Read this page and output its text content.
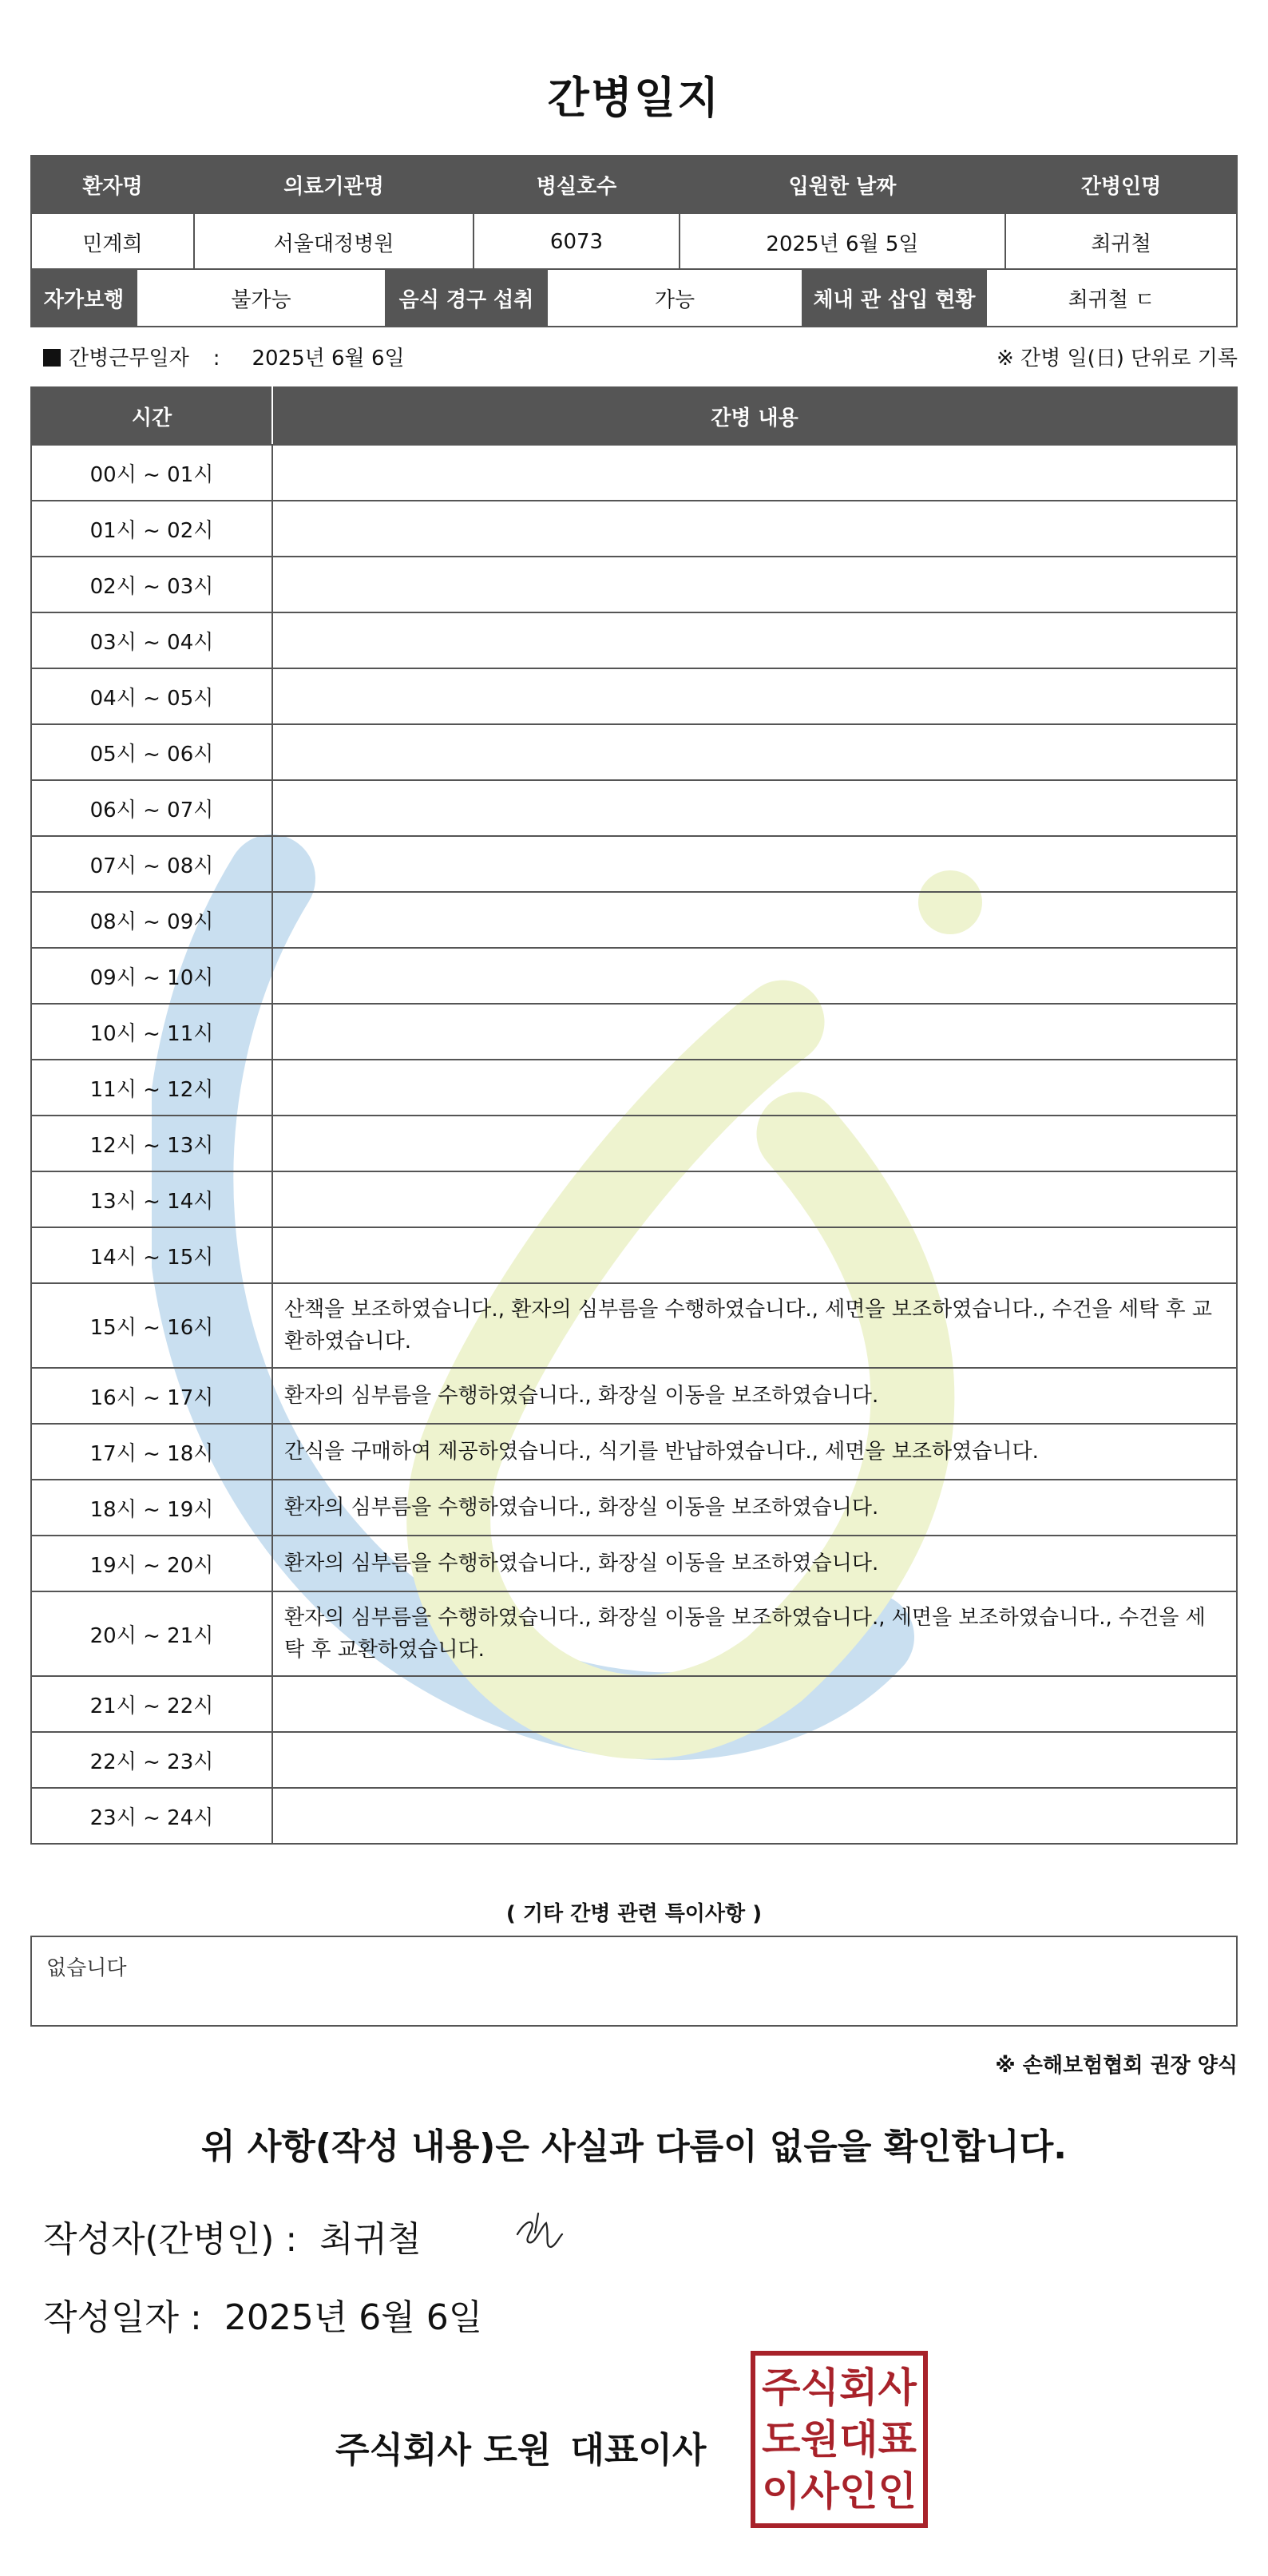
간병일지
환자명	의료기관명	병실호수	입원한 날짜	간병인명
민계희	서울대정병원	6073	2025년 6월 5일	최귀철
자가보행	불가능	음식 경구 섭취	가능	체내 관 삽입 현황	최귀철 ㄷ
간병근무일자 : 2025년 6월 6일	※ 간병 일(日) 단위로 기록
시간	간병 내용
00시 ~ 01시	
01시 ~ 02시	
02시 ~ 03시	
03시 ~ 04시	
04시 ~ 05시	
05시 ~ 06시	
06시 ~ 07시	
07시 ~ 08시	
08시 ~ 09시	
09시 ~ 10시	
10시 ~ 11시	
11시 ~ 12시	
12시 ~ 13시	
13시 ~ 14시	
14시 ~ 15시	
15시 ~ 16시	산책을 보조하였습니다., 환자의 심부름을 수행하였습니다., 세면을 보조하였습니다., 수건을 세탁 후 교환하였습니다.
16시 ~ 17시	환자의 심부름을 수행하였습니다., 화장실 이동을 보조하였습니다.
17시 ~ 18시	간식을 구매하여 제공하였습니다., 식기를 반납하였습니다., 세면을 보조하였습니다.
18시 ~ 19시	환자의 심부름을 수행하였습니다., 화장실 이동을 보조하였습니다.
19시 ~ 20시	환자의 심부름을 수행하였습니다., 화장실 이동을 보조하였습니다.
20시 ~ 21시	환자의 심부름을 수행하였습니다., 화장실 이동을 보조하였습니다., 세면을 보조하였습니다., 수건을 세탁 후 교환하였습니다.
21시 ~ 22시	
22시 ~ 23시	
23시 ~ 24시	
( 기타 간병 관련 특이사항 )
없습니다
※ 손해보험협회 권장 양식
위 사항(작성 내용)은 사실과 다름이 없음을 확인합니다.
작성자(간병인) : 최귀철
작성일자 : 2025년 6월 6일
주식회사 도원 대표이사
주 식 회 사
도 원 대 표
이 사 인 인
